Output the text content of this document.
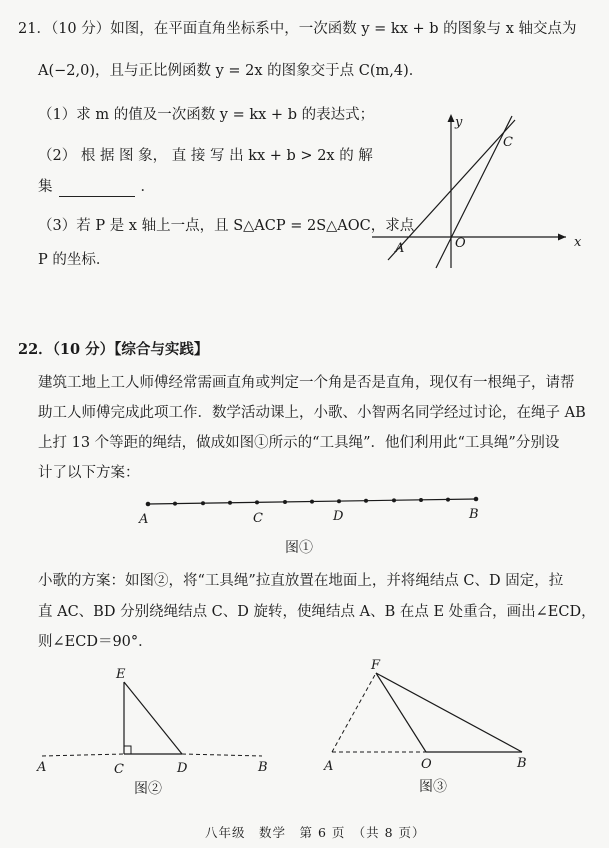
21．（10 分）如图，在平面直角坐标系中，一次函数 y = kx + b 的图象与 x 轴交点为
A(−2,0)，且与正比例函数 y = 2x 的图象交于点 C(m,4)．
（1）求 m 的值及一次函数 y = kx + b 的表达式；
（2） 根 据 图 象， 直 接 写 出 kx + b > 2x 的 解
集	．
（3）若 P 是 x 轴上一点，且 S△ACP = 2S△AOC，求点
P 的坐标．
y
x
C
A	O
22．（10 分）【综合与实践】
建筑工地上工人师傅经常需画直角或判定一个角是否是直角，现仅有一根绳子，请帮
助工人师傅完成此项工作．数学活动课上，小歌、小智两名同学经过讨论，在绳子 AB
上打 13 个等距的绳结，做成如图①所示的“工具绳”．他们利用此“工具绳”分别设
计了以下方案：
A	C	D	B
图①
小歌的方案：如图②，将“工具绳”拉直放置在地面上，并将绳结点 C、D 固定，拉
直 AC、BD 分别绕绳结点 C、D 旋转，使绳结点 A、B 在点 E 处重合，画出∠ECD，
则∠ECD＝90°．
E
A	C	D	B
图②
F
A	O	B
图③
八年级　数学　第 6 页　（共 8 页）
